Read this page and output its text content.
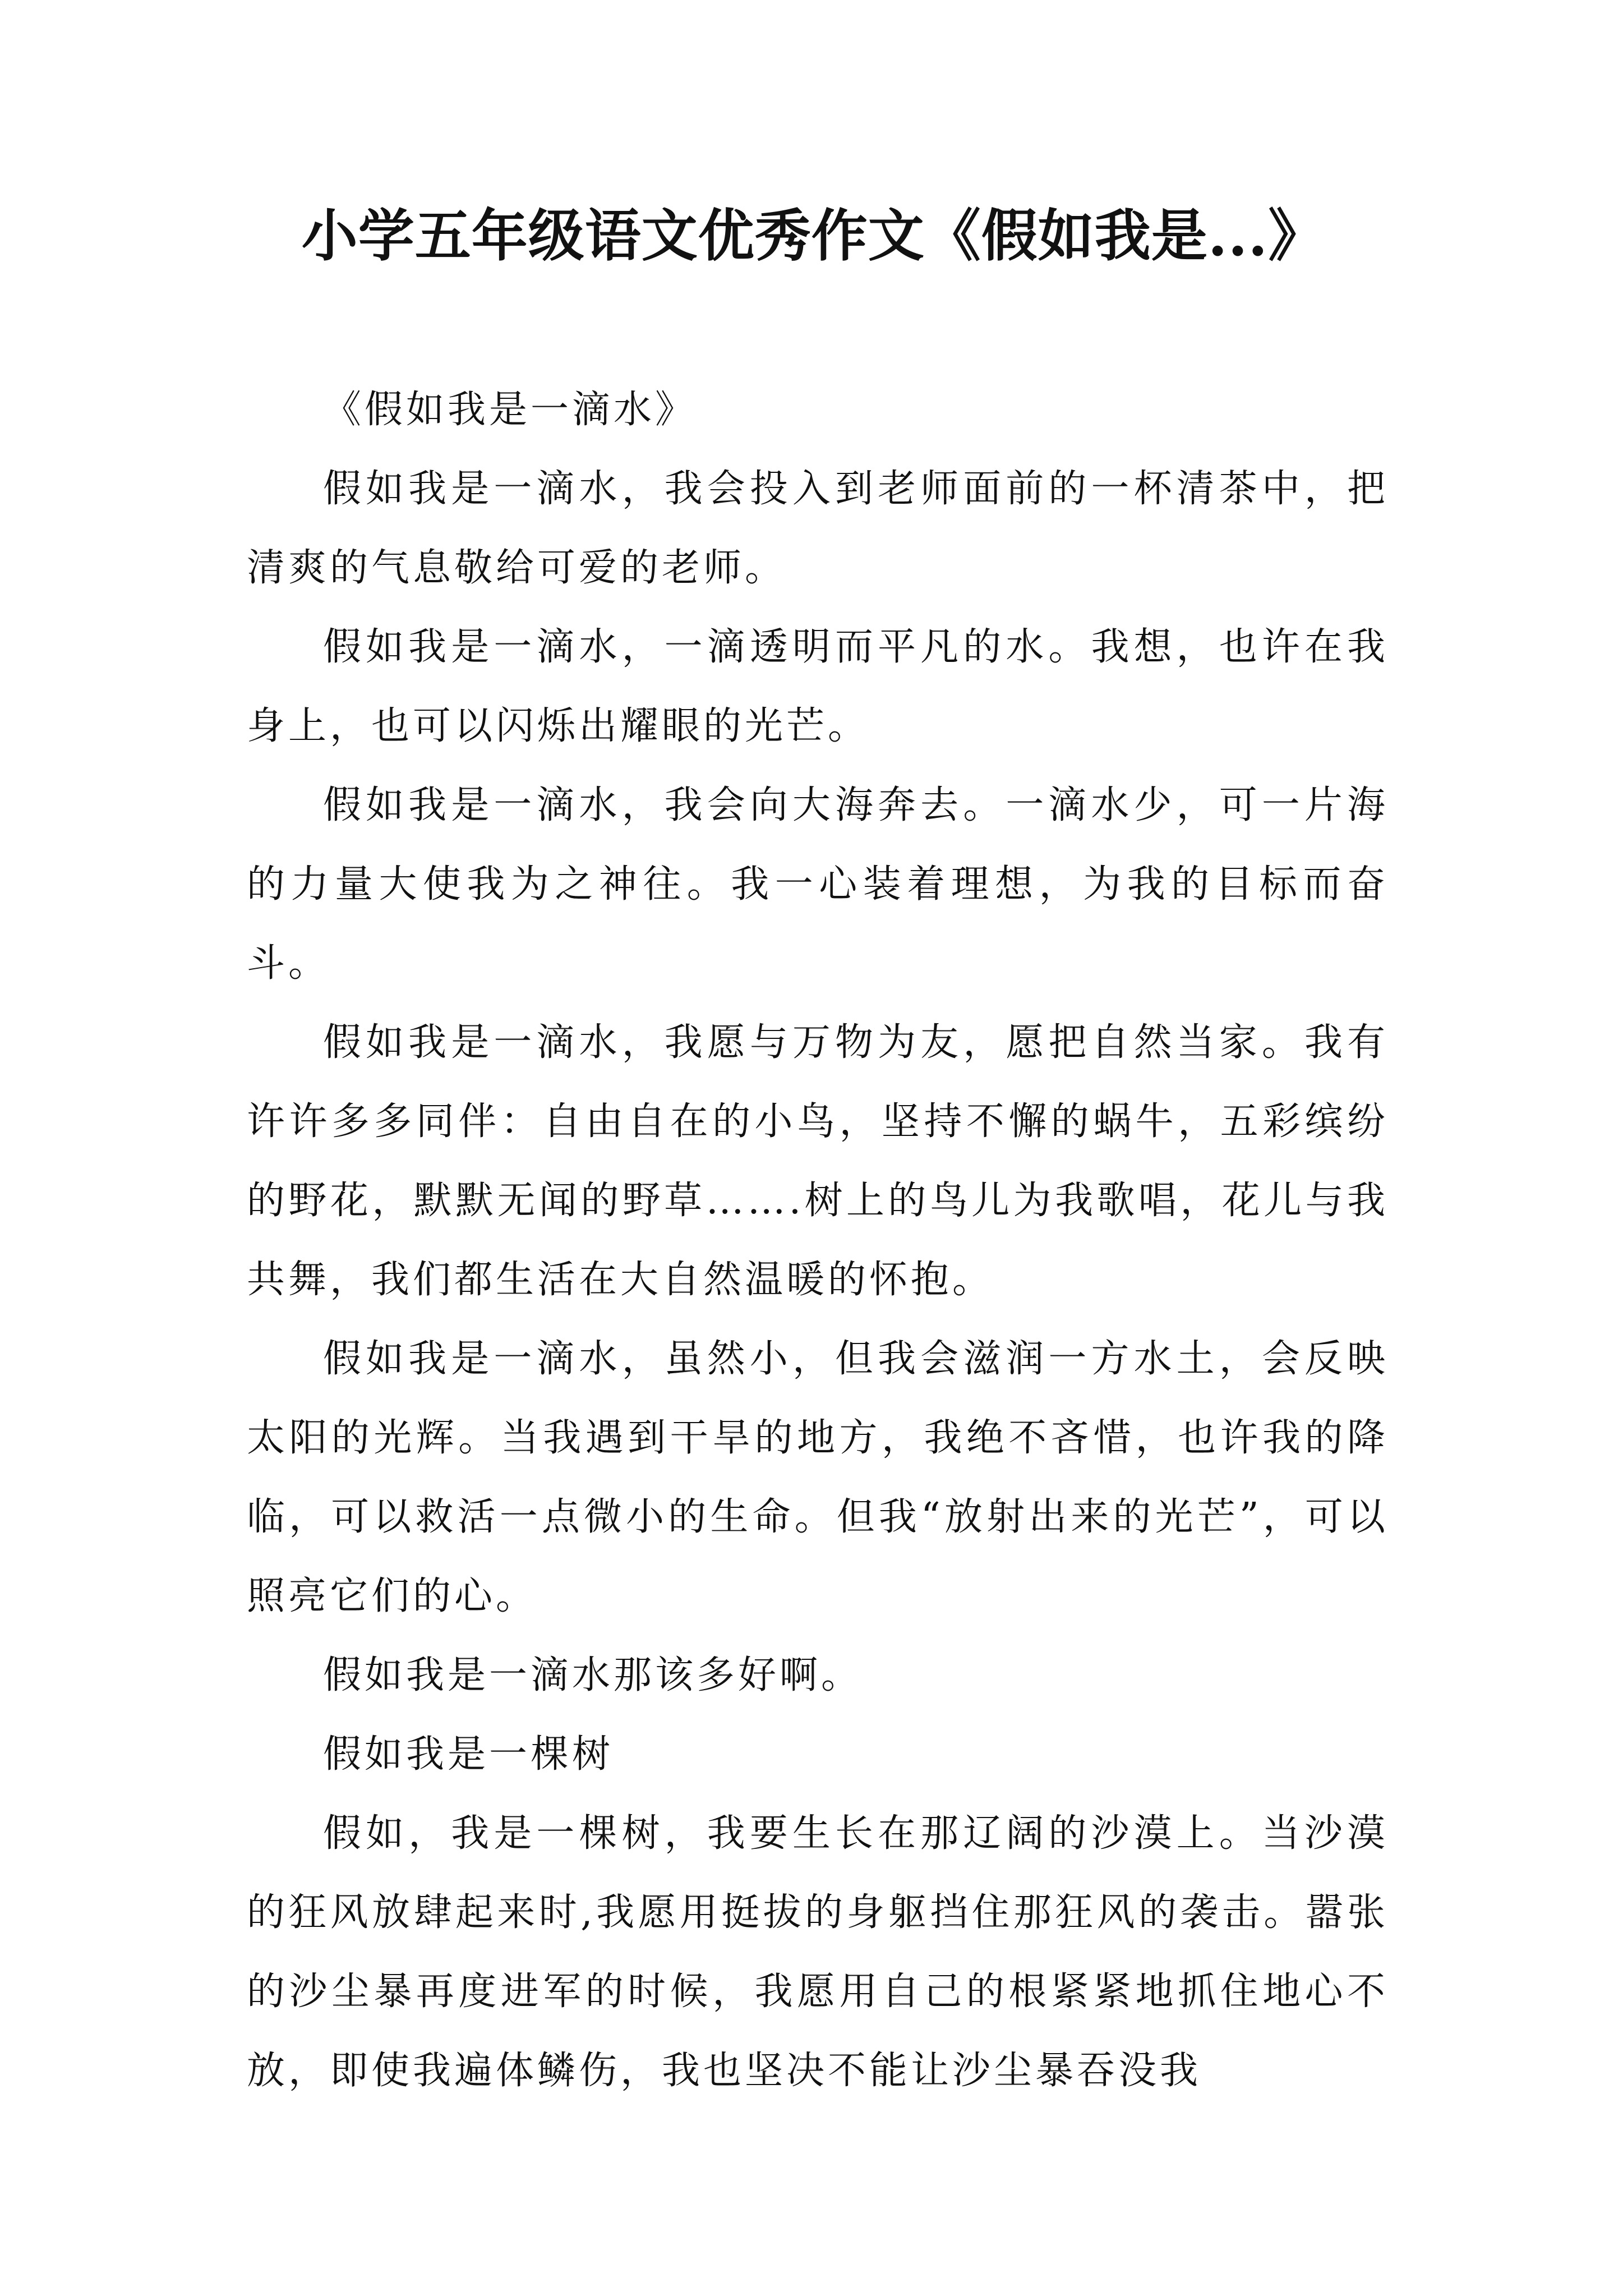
小学五年级语文优秀作文《假如我是...》

《假如我是一滴水》

假如我是一滴水，我会投入到老师面前的一杯清茶中，把清爽的气息敬给可爱的老师。

假如我是一滴水，一滴透明而平凡的水。我想，也许在我身上，也可以闪烁出耀眼的光芒。

假如我是一滴水，我会向大海奔去。一滴水少，可一片海的力量大使我为之神往。我一心装着理想，为我的目标而奋斗。

假如我是一滴水，我愿与万物为友，愿把自然当家。我有许许多多同伴：自由自在的小鸟，坚持不懈的蜗牛，五彩缤纷的野花，默默无闻的野草…….树上的鸟儿为我歌唱，花儿与我共舞，我们都生活在大自然温暖的怀抱。

假如我是一滴水，虽然小，但我会滋润一方水土，会反映太阳的光辉。当我遇到干旱的地方，我绝不吝惜，也许我的降临，可以救活一点微小的生命。但我“放射出来的光芒”，可以照亮它们的心。

假如我是一滴水那该多好啊。

假如我是一棵树

假如，我是一棵树，我要生长在那辽阔的沙漠上。当沙漠的狂风放肆起来时,我愿用挺拔的身躯挡住那狂风的袭击。嚣张的沙尘暴再度进军的时候，我愿用自己的根紧紧地抓住地心不放，即使我遍体鳞伤，我也坚决不能让沙尘暴吞没我
